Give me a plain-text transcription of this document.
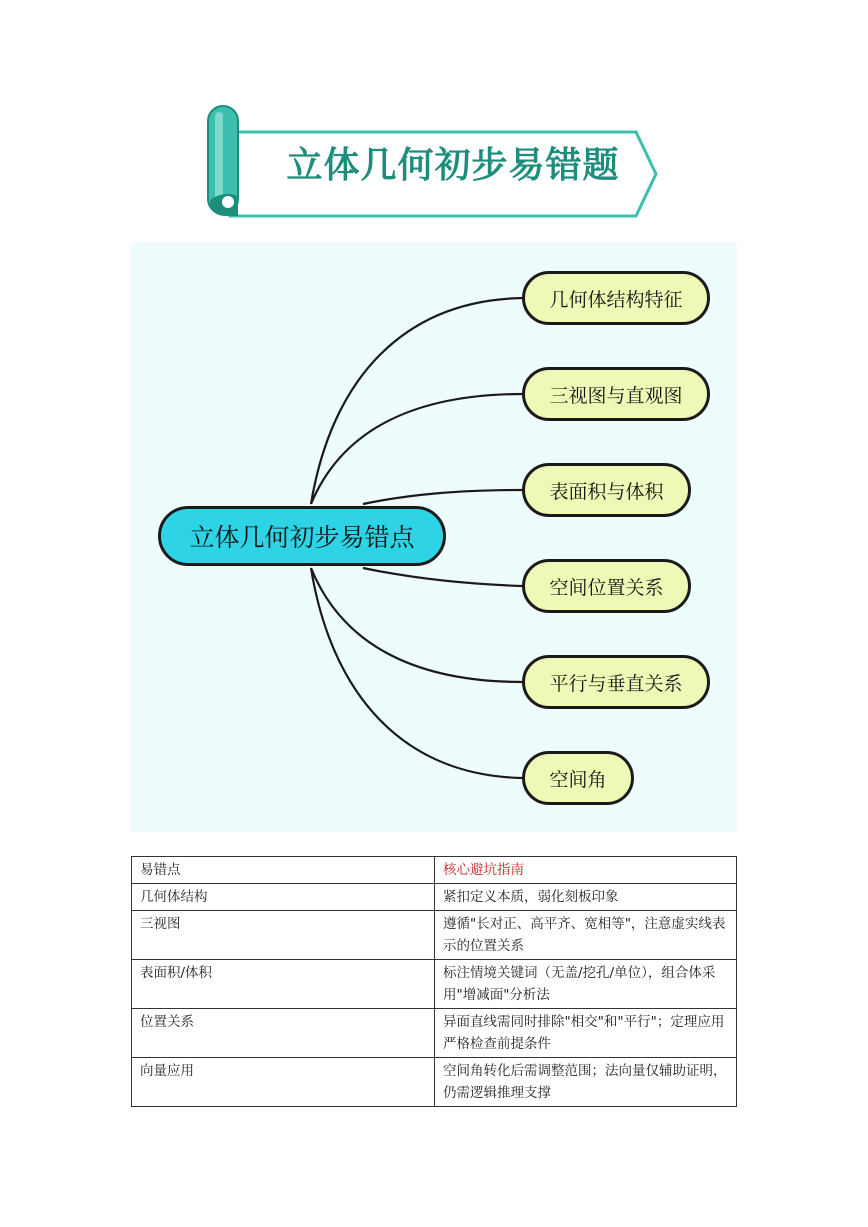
立体几何初步易错题
立体几何初步易错点
几何体结构特征
三视图与直观图
表面积与体积
空间位置关系
平行与垂直关系
空间角
易错点	核心避坑指南
几何体结构	紧扣定义本质，弱化刻板印象
三视图	遵循"长对正、高平齐、宽相等"，注意虚实线表示的位置关系
表面积/体积	标注情境关键词（无盖/挖孔/单位），组合体采用"增减面"分析法
位置关系	异面直线需同时排除"相交"和"平行"；定理应用严格检查前提条件
向量应用	空间角转化后需调整范围；法向量仅辅助证明，仍需逻辑推理支撑
